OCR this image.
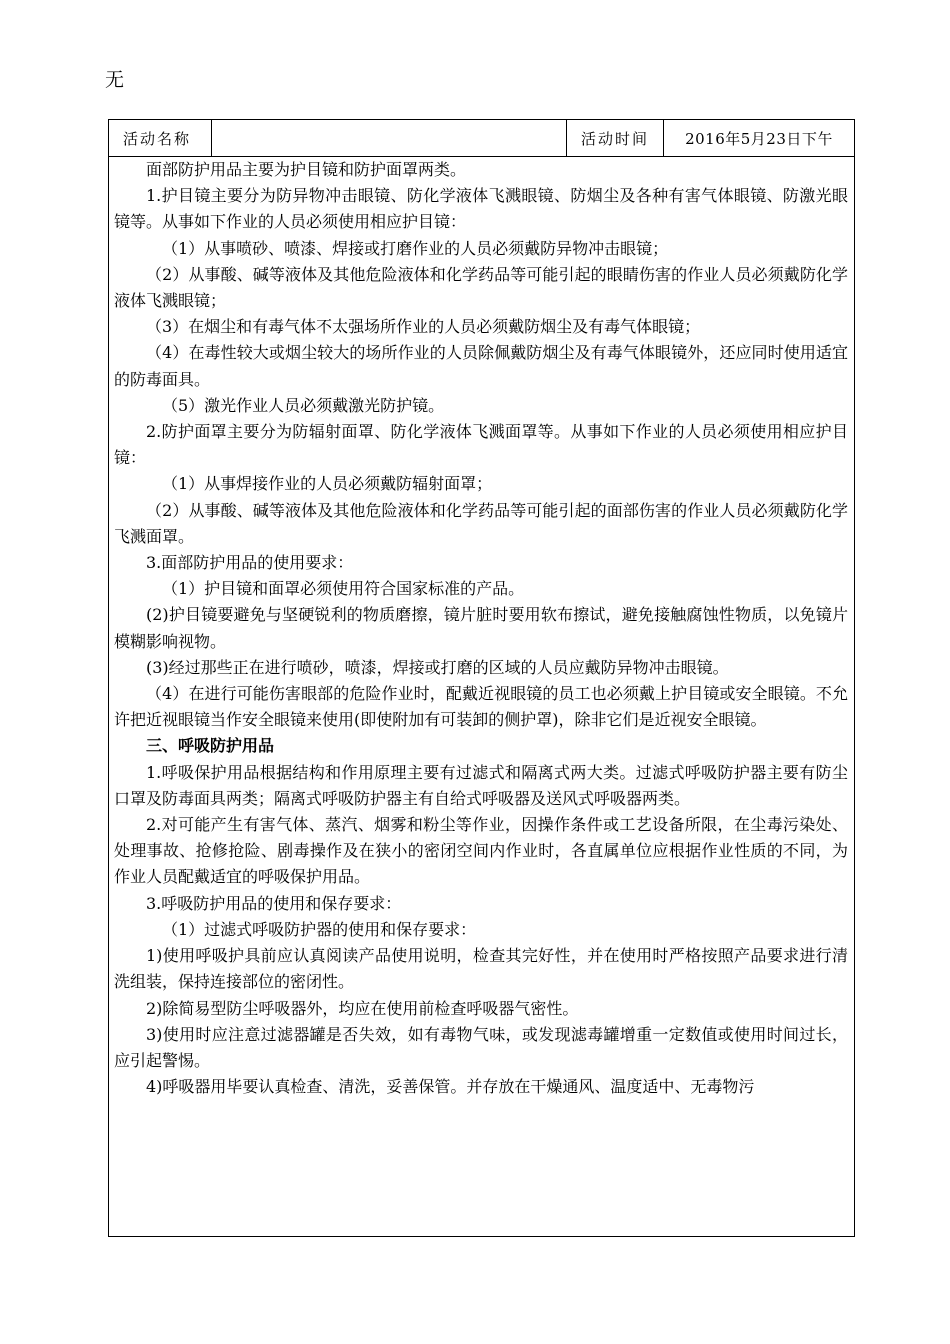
无
活动名称	活动时间	2016年5月23日下午

面部防护用品主要为护目镜和防护面罩两类。

1.护目镜主要分为防异物冲击眼镜、防化学液体飞溅眼镜、防烟尘及各种有害气体眼镜、防激光眼镜等。从事如下作业的人员必须使用相应护目镜：

（1）从事喷砂、喷漆、焊接或打磨作业的人员必须戴防异物冲击眼镜；

（2）从事酸、碱等液体及其他危险液体和化学药品等可能引起的眼睛伤害的作业人员必须戴防化学液体飞溅眼镜；

（3）在烟尘和有毒气体不太强场所作业的人员必须戴防烟尘及有毒气体眼镜；

（4）在毒性较大或烟尘较大的场所作业的人员除佩戴防烟尘及有毒气体眼镜外，还应同时使用适宜的防毒面具。

（5）激光作业人员必须戴激光防护镜。

2.防护面罩主要分为防辐射面罩、防化学液体飞溅面罩等。从事如下作业的人员必须使用相应护目镜：

（1）从事焊接作业的人员必须戴防辐射面罩；

（2）从事酸、碱等液体及其他危险液体和化学药品等可能引起的面部伤害的作业人员必须戴防化学飞溅面罩。

3.面部防护用品的使用要求：

（1）护目镜和面罩必须使用符合国家标准的产品。

(2)护目镜要避免与坚硬锐利的物质磨擦，镜片脏时要用软布擦试，避免接触腐蚀性物质，以免镜片模糊影响视物。

(3)经过那些正在进行喷砂，喷漆，焊接或打磨的区域的人员应戴防异物冲击眼镜。

（4）在进行可能伤害眼部的危险作业时，配戴近视眼镜的员工也必须戴上护目镜或安全眼镜。不允许把近视眼镜当作安全眼镜来使用(即使附加有可装卸的侧护罩)，除非它们是近视安全眼镜。

三、呼吸防护用品

1.呼吸保护用品根据结构和作用原理主要有过滤式和隔离式两大类。过滤式呼吸防护器主要有防尘口罩及防毒面具两类；隔离式呼吸防护器主有自给式呼吸器及送风式呼吸器两类。

2.对可能产生有害气体、蒸汽、烟雾和粉尘等作业，因操作条件或工艺设备所限，在尘毒污染处、处理事故、抢修抢险、剧毒操作及在狭小的密闭空间内作业时，各直属单位应根据作业性质的不同，为作业人员配戴适宜的呼吸保护用品。

3.呼吸防护用品的使用和保存要求：

（1）过滤式呼吸防护器的使用和保存要求：

1)使用呼吸护具前应认真阅读产品使用说明，检查其完好性，并在使用时严格按照产品要求进行清洗组装，保持连接部位的密闭性。

2)除简易型防尘呼吸器外，均应在使用前检查呼吸器气密性。

3)使用时应注意过滤器罐是否失效，如有毒物气味，或发现滤毒罐增重一定数值或使用时间过长，应引起警惕。

4)呼吸器用毕要认真检查、清洗，妥善保管。并存放在干燥通风、温度适中、无毒物污
